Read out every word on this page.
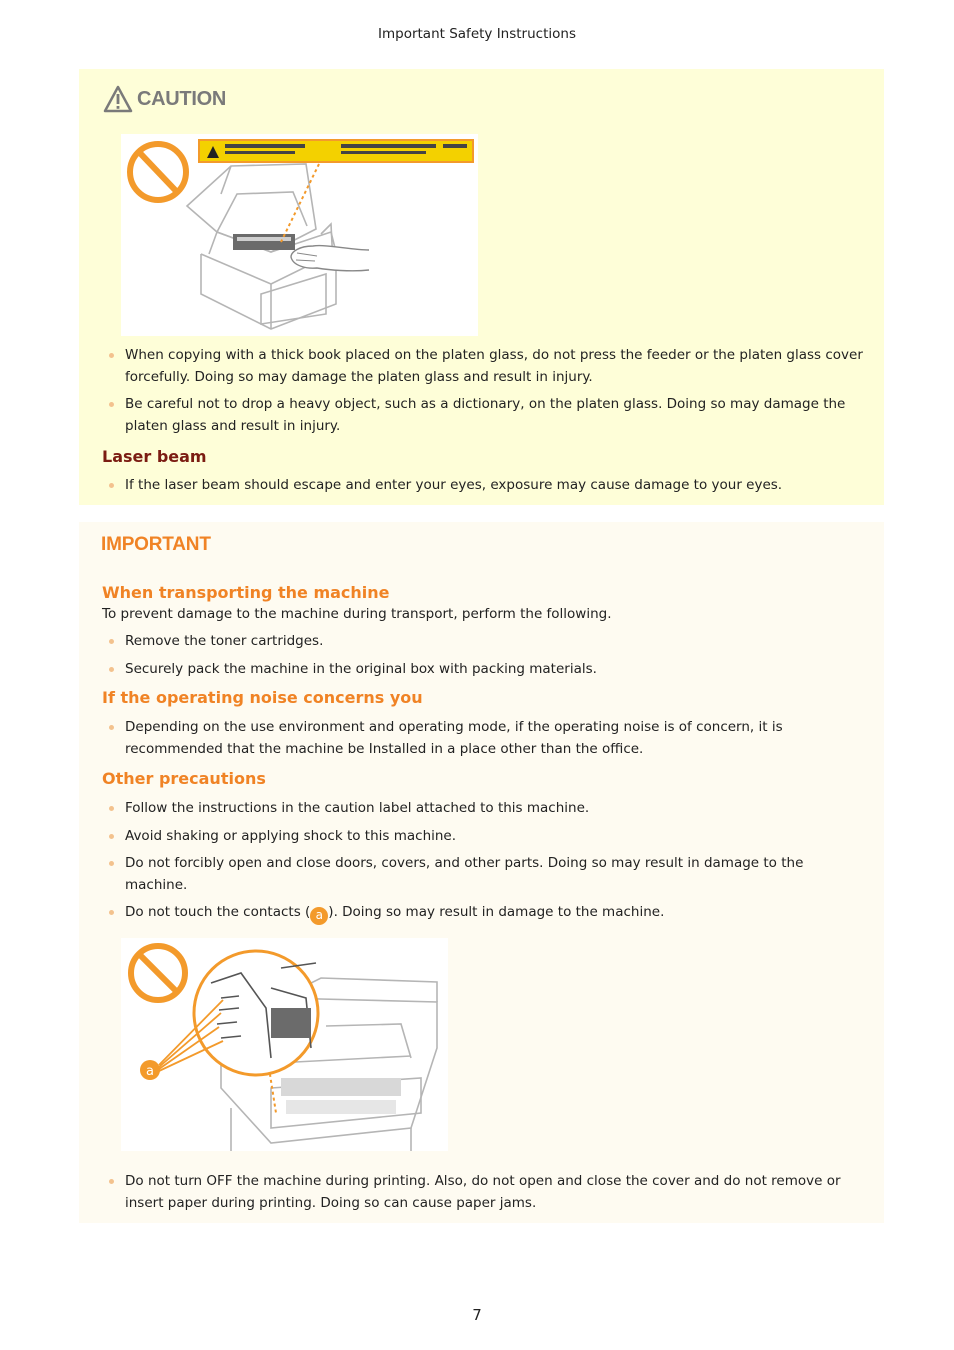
Important Safety Instructions
CAUTION
When copying with a thick book placed on the platen glass, do not press the feeder or the platen glass cover forcefully. Doing so may damage the platen glass and result in injury.
Be careful not to drop a heavy object, such as a dictionary, on the platen glass. Doing so may damage the platen glass and result in injury.
Laser beam
If the laser beam should escape and enter your eyes, exposure may cause damage to your eyes.
IMPORTANT
When transporting the machine
To prevent damage to the machine during transport, perform the following.
Remove the toner cartridges.
Securely pack the machine in the original box with packing materials.
If the operating noise concerns you
Depending on the use environment and operating mode, if the operating noise is of concern, it is recommended that the machine be Installed in a place other than the office.
Other precautions
Follow the instructions in the caution label attached to this machine.
Avoid shaking or applying shock to this machine.
Do not forcibly open and close doors, covers, and other parts. Doing so may result in damage to the machine.
Do not touch the contacts ( a ). Doing so may result in damage to the machine.
a
Do not turn OFF the machine during printing. Also, do not open and close the cover and do not remove or insert paper during printing. Doing so can cause paper jams.
7
